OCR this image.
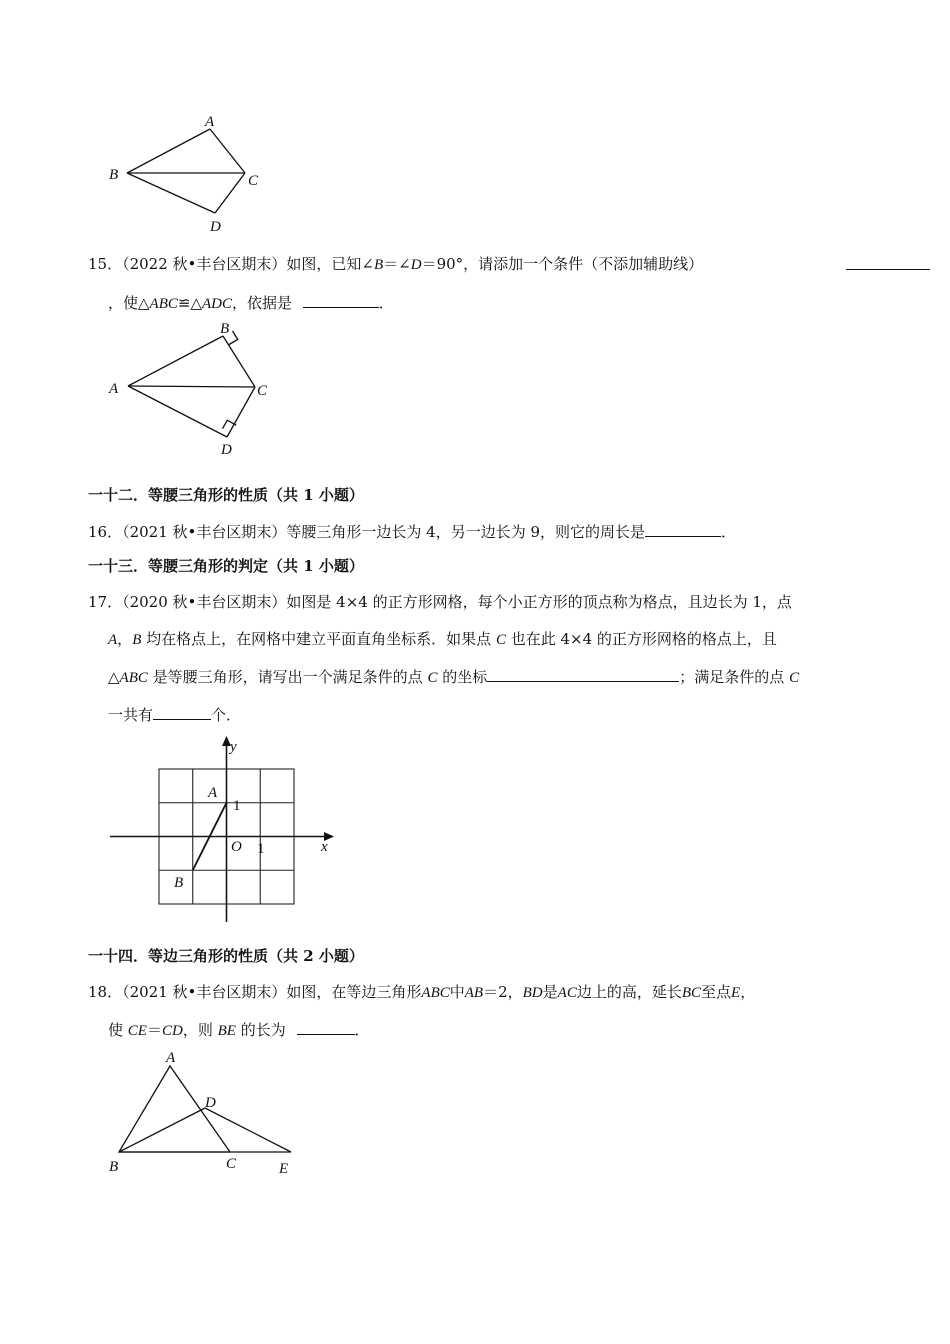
A
B	C
D
15．（2022 秋•丰台区期末）如图，已知∠B＝∠D＝90°，请添加一个条件（不添加辅助线）
，使△ABC≌△ADC，依据是	．
B
A	C
D
一十二．等腰三角形的性质（共 1 小题）
16．（2021 秋•丰台区期末）等腰三角形一边长为 4，另一边长为 9，则它的周长是	．
一十三．等腰三角形的判定（共 1 小题）
17．（2020 秋•丰台区期末）如图是 4×4 的正方形网格，每个小正方形的顶点称为格点，且边长为 1，点
A，B 均在格点上，在网格中建立平面直角坐标系．如果点 C 也在此 4×4 的正方形网格的格点上，且
△ABC 是等腰三角形，请写出一个满足条件的点 C 的坐标	；满足条件的点 C
一共有	个．
y
x
O 1
1
A
B
一十四．等边三角形的性质（共 2 小题）
18．（2021 秋•丰台区期末）如图，在等边三角形ABC中AB＝2，BD是AC边上的高，延长BC至点E，
使 CE＝CD，则 BE 的长为	．
A
D
B	C	E
